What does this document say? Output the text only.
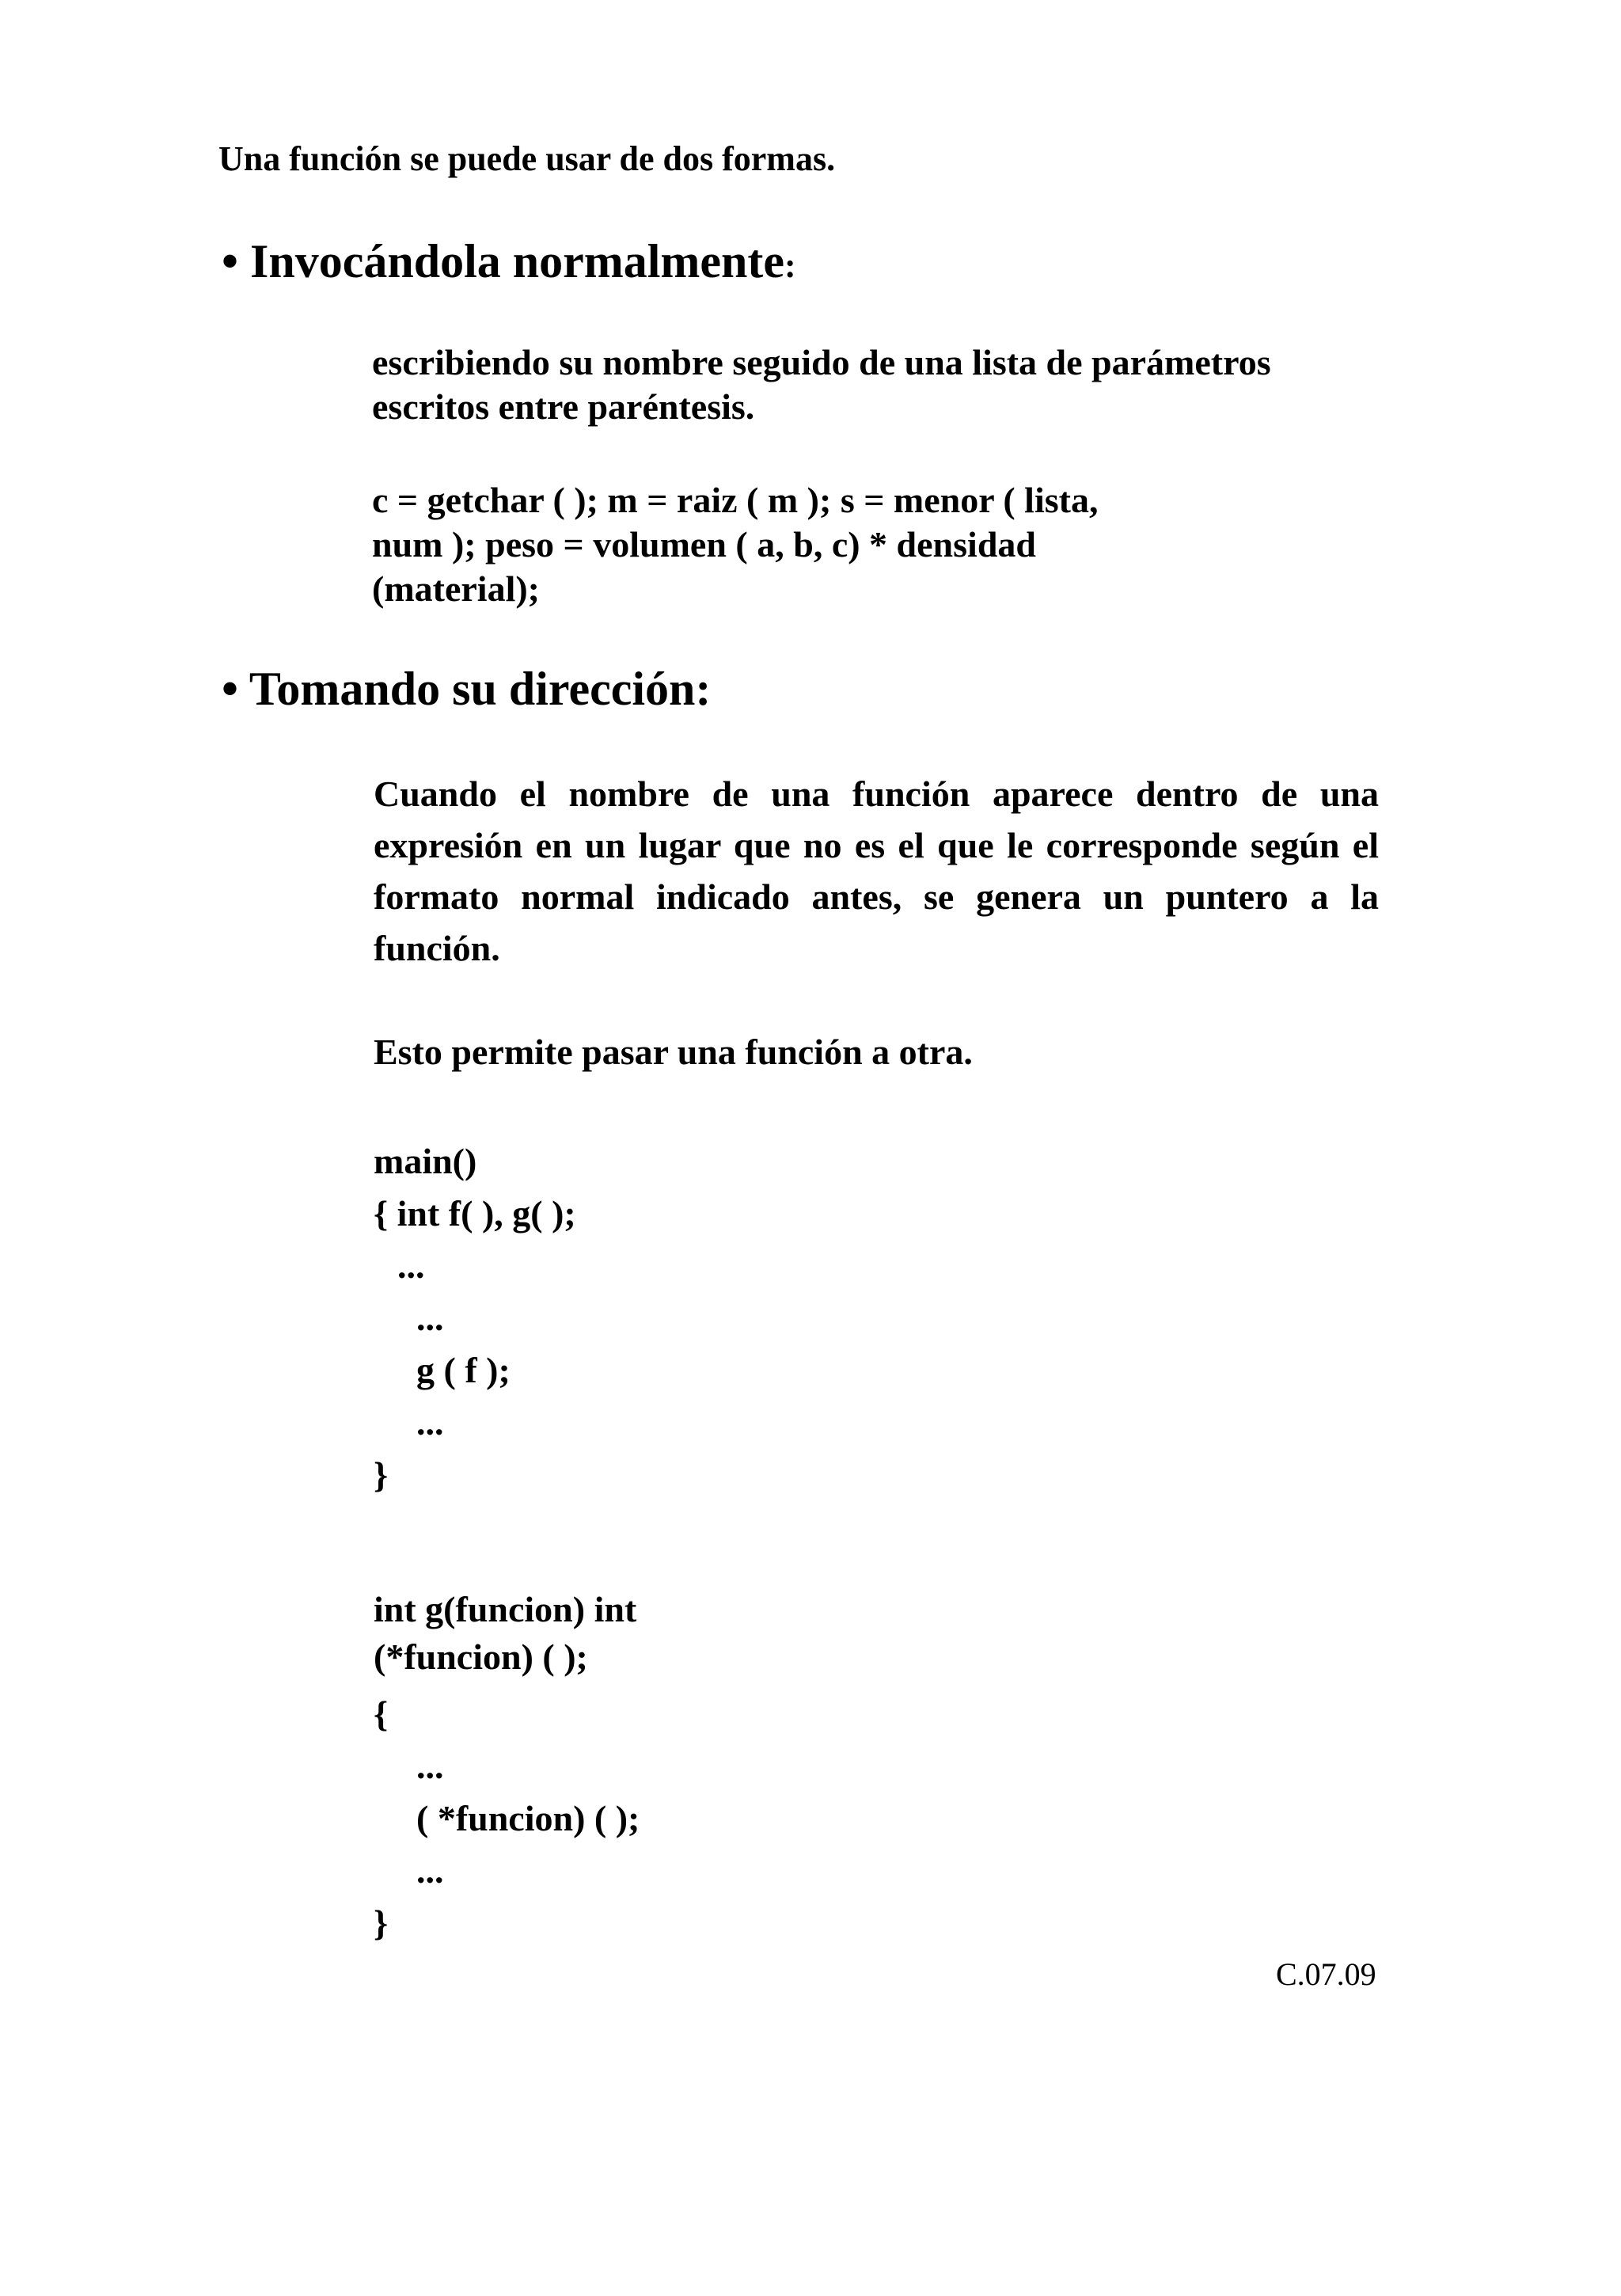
Una función se puede usar de dos formas.
• Invocándola normalmente:
escribiendo su nombre seguido de una lista de parámetros
escritos entre paréntesis.
c = getchar ( ); m = raiz ( m ); s = menor ( lista,
num ); peso = volumen ( a, b, c) * densidad
(material);
• Tomando su dirección:
Cuando el nombre de una función aparece dentro de una expresión en un lugar que no es el que le corresponde según el formato normal indicado antes, se genera un puntero a la función.
Esto permite pasar una función a otra.
main()
{ int f( ), g( );
...
...
g ( f );
...
}
int g(funcion) int
(*funcion) ( );
{
...
( *funcion) ( );
...
}
C.07.09
